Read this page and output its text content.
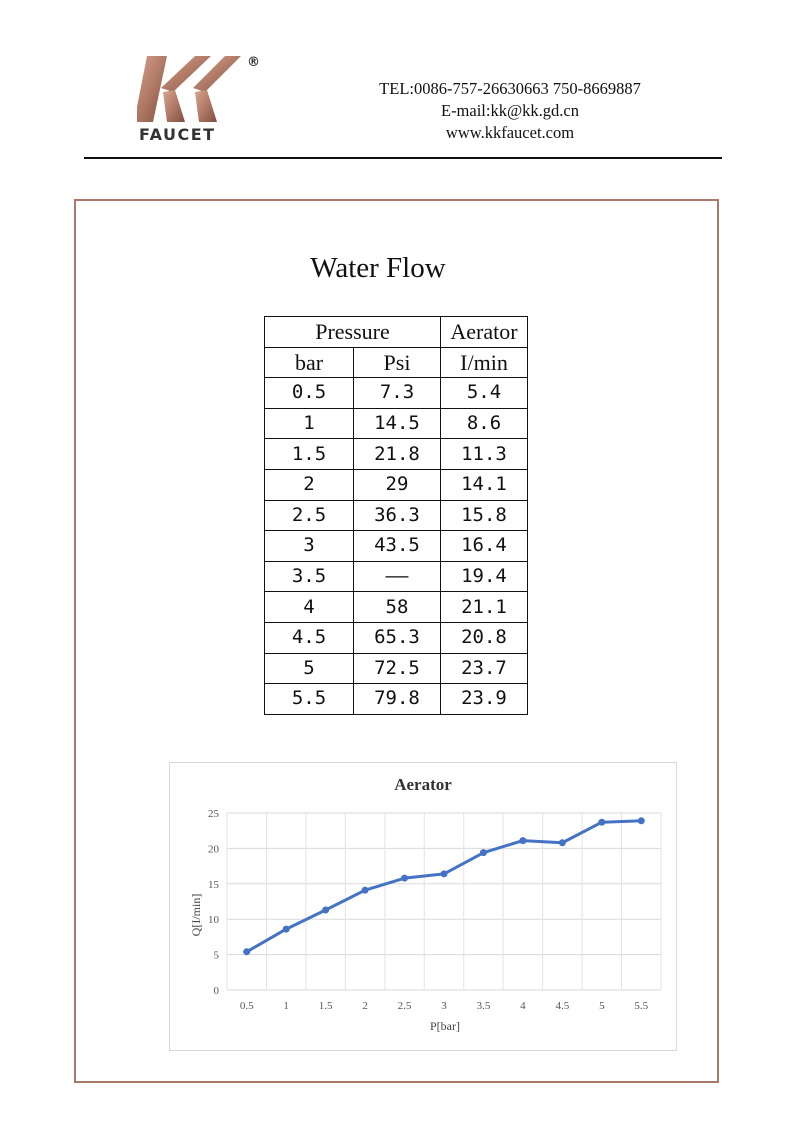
®
FAUCET
TEL:0086-757-26630663 750-8669887
E-mail:kk@kk.gd.cn
www.kkfaucet.com
Water Flow
Pressure		Aerator
bar	Psi	I/min
0.5	7.3	5.4
1	14.5	8.6
1.5	21.8	11.3
2	29	14.1
2.5	36.3	15.8
3	43.5	16.4
3.5	——	19.4
4	58	21.1
4.5	65.3	20.8
5	72.5	23.7
5.5	79.8	23.9
Aerator
0
5
10
15
20
25
0.5	1	1.5	2	2.5	3	3.5	4	4.5	5	5.5
P[bar]
Q[I/min]
